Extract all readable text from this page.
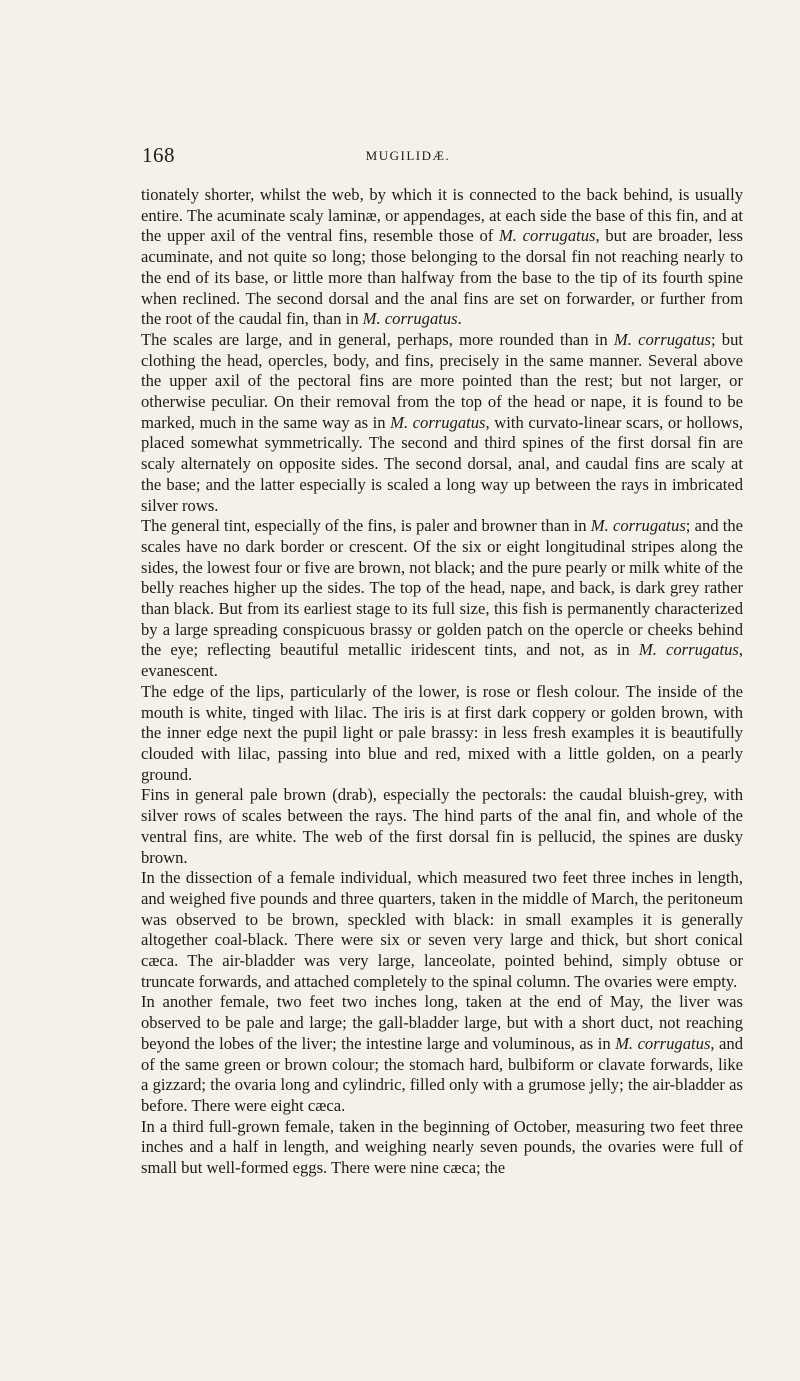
168	MUGILIDÆ.

tionately shorter, whilst the web, by which it is connected to the back behind, is usually entire. The acuminate scaly laminæ, or appendages, at each side the base of this fin, and at the upper axil of the ventral fins, resemble those of M. corrugatus, but are broader, less acuminate, and not quite so long; those belonging to the dorsal fin not reaching nearly to the end of its base, or little more than halfway from the base to the tip of its fourth spine when reclined. The second dorsal and the anal fins are set on forwarder, or further from the root of the caudal fin, than in M. corrugatus.

The scales are large, and in general, perhaps, more rounded than in M. corrugatus; but clothing the head, opercles, body, and fins, precisely in the same manner. Several above the upper axil of the pectoral fins are more pointed than the rest; but not larger, or otherwise peculiar. On their removal from the top of the head or nape, it is found to be marked, much in the same way as in M. corrugatus, with curvato-linear scars, or hollows, placed somewhat symmetrically. The second and third spines of the first dorsal fin are scaly alternately on opposite sides. The second dorsal, anal, and caudal fins are scaly at the base; and the latter especially is scaled a long way up between the rays in imbricated silver rows.

The general tint, especially of the fins, is paler and browner than in M. corrugatus; and the scales have no dark border or crescent. Of the six or eight longitudinal stripes along the sides, the lowest four or five are brown, not black; and the pure pearly or milk white of the belly reaches higher up the sides. The top of the head, nape, and back, is dark grey rather than black. But from its earliest stage to its full size, this fish is permanently characterized by a large spreading conspicuous brassy or golden patch on the opercle or cheeks behind the eye; reflecting beautiful metallic iridescent tints, and not, as in M. corrugatus, evanescent.

The edge of the lips, particularly of the lower, is rose or flesh colour. The inside of the mouth is white, tinged with lilac. The iris is at first dark coppery or golden brown, with the inner edge next the pupil light or pale brassy: in less fresh examples it is beautifully clouded with lilac, passing into blue and red, mixed with a little golden, on a pearly ground.

Fins in general pale brown (drab), especially the pectorals: the caudal bluish-grey, with silver rows of scales between the rays. The hind parts of the anal fin, and whole of the ventral fins, are white. The web of the first dorsal fin is pellucid, the spines are dusky brown.

In the dissection of a female individual, which measured two feet three inches in length, and weighed five pounds and three quarters, taken in the middle of March, the peritoneum was observed to be brown, speckled with black: in small examples it is generally altogether coal-black. There were six or seven very large and thick, but short conical cæca. The air-bladder was very large, lanceolate, pointed behind, simply obtuse or truncate forwards, and attached completely to the spinal column. The ovaries were empty.

In another female, two feet two inches long, taken at the end of May, the liver was observed to be pale and large; the gall-bladder large, but with a short duct, not reaching beyond the lobes of the liver; the intestine large and voluminous, as in M. corrugatus, and of the same green or brown colour; the stomach hard, bulbiform or clavate forwards, like a gizzard; the ovaria long and cylindric, filled only with a grumose jelly; the air-bladder as before. There were eight cæca.

In a third full-grown female, taken in the beginning of October, measuring two feet three inches and a half in length, and weighing nearly seven pounds, the ovaries were full of small but well-formed eggs. There were nine cæca; the
